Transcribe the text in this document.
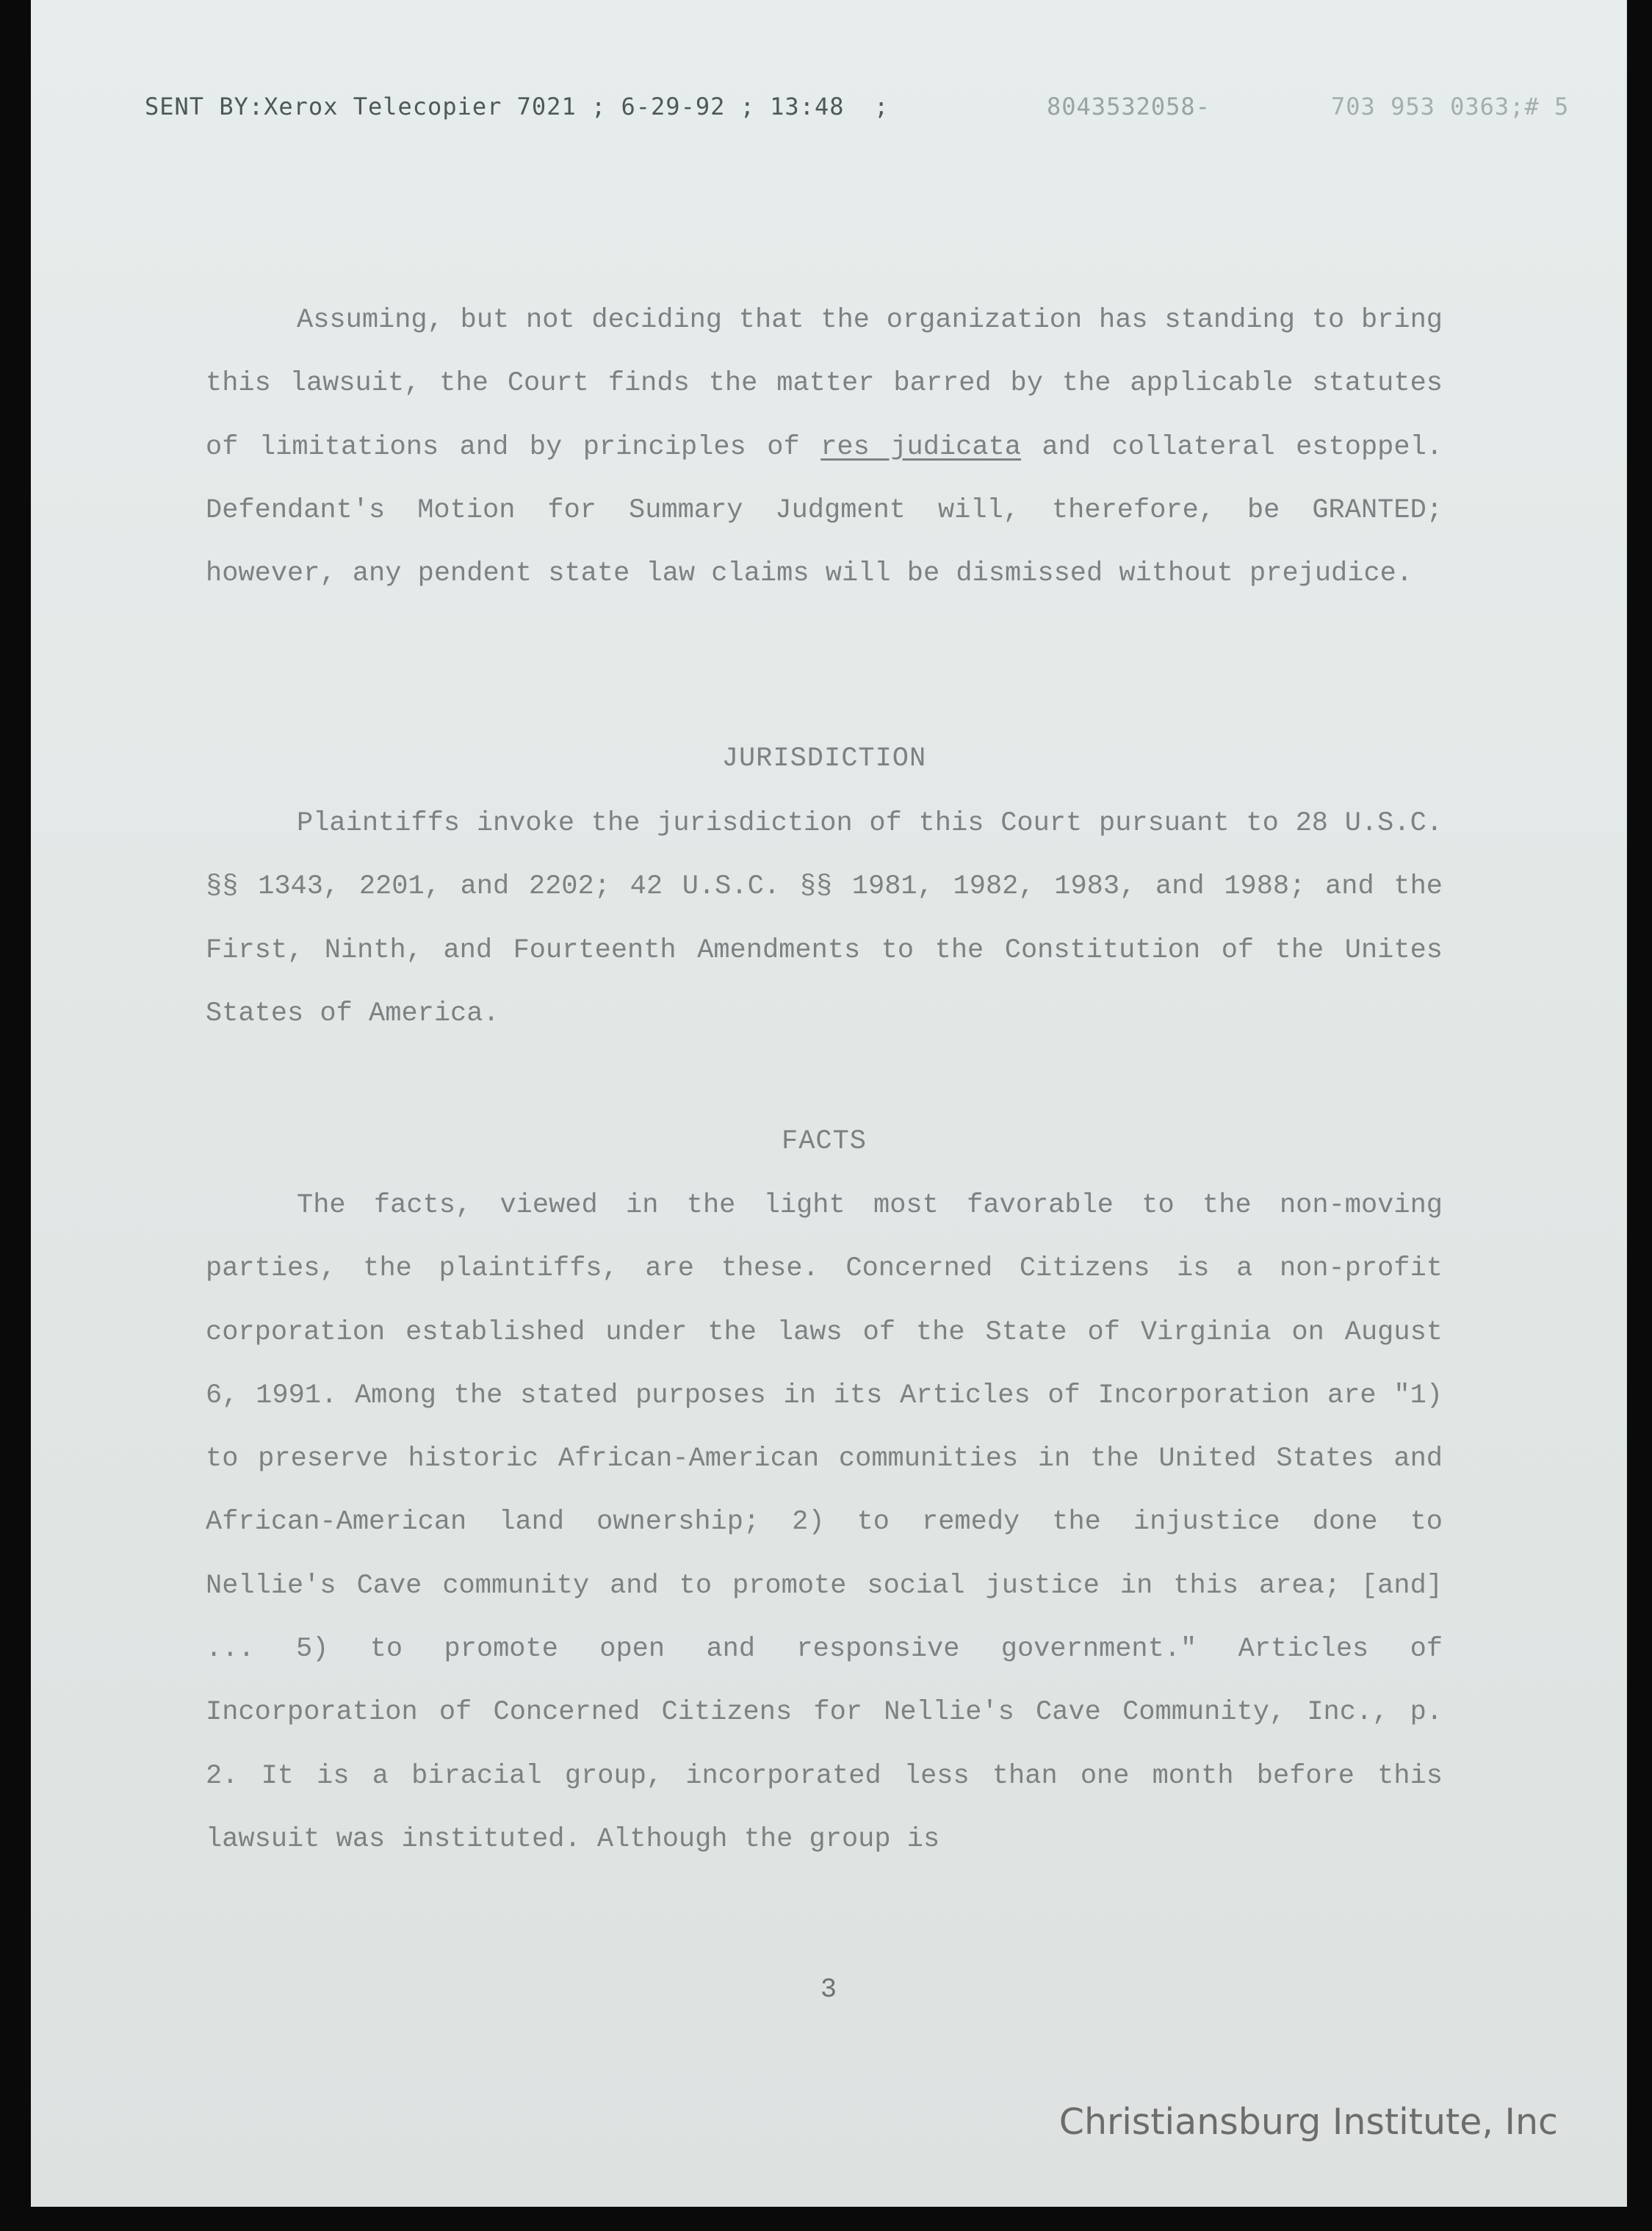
SENT BY:Xerox Telecopier 7021 ; 6-29-92 ; 13:48  ;

	8043532058-

	703 953 0363;# 5

Assuming, but not deciding that the organization has standing to bring this lawsuit, the Court finds the matter barred by the applicable statutes of limitations and by principles of res judicata and collateral estoppel. Defendant's Motion for Summary Judgment will, therefore, be GRANTED; however, any pendent state law claims will be dismissed without prejudice.
JURISDICTION
Plaintiffs invoke the jurisdiction of this Court pursuant to 28 U.S.C. §§ 1343, 2201, and 2202; 42 U.S.C. §§ 1981, 1982, 1983, and 1988; and the First, Ninth, and Fourteenth Amendments to the Constitution of the Unites States of America.
FACTS
The facts, viewed in the light most favorable to the non-moving parties, the plaintiffs, are these. Concerned Citizens is a non-profit corporation established under the laws of the State of Virginia on August 6, 1991. Among the stated purposes in its Articles of Incorporation are "1) to preserve historic African-American communities in the United States and African-American land ownership; 2) to remedy the injustice done to Nellie's Cave community and to promote social justice in this area; [and] ... 5) to promote open and responsive government." Articles of Incorporation of Concerned Citizens for Nellie's Cave Community, Inc., p. 2. It is a biracial group, incorporated less than one month before this lawsuit was instituted. Although the group is
3
Christiansburg Institute, Inc
